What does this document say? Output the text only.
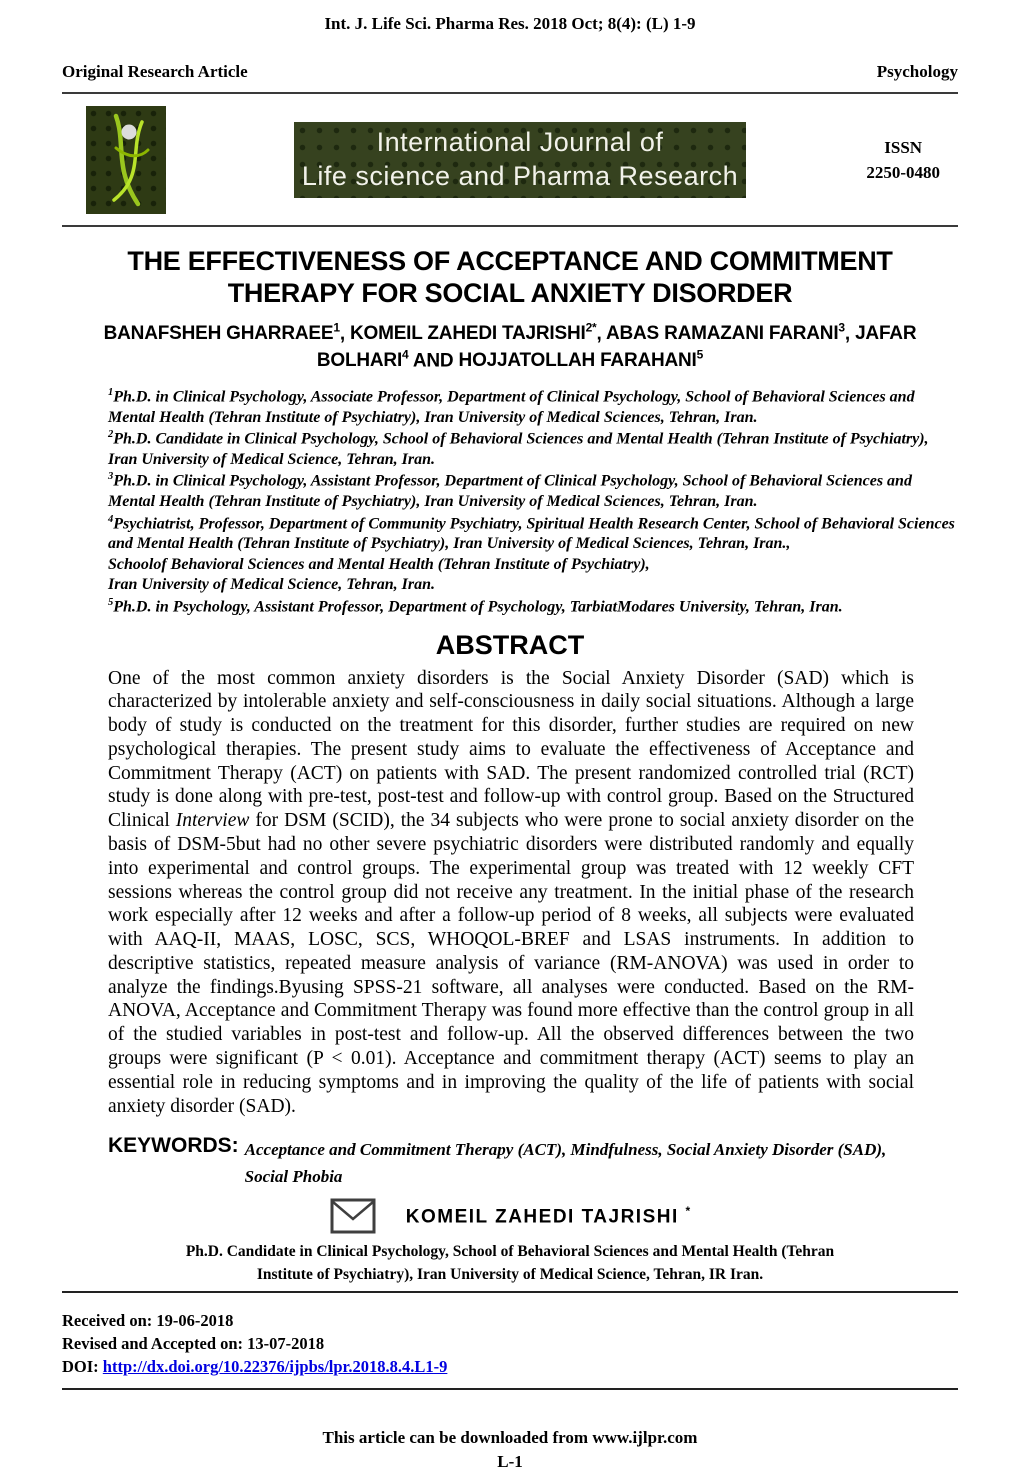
Int. J. Life Sci. Pharma Res. 2018 Oct; 8(4): (L) 1-9
Original Research Article	Psychology
International Journal of
Life science and Pharma Research
ISSN
2250-0480
THE EFFECTIVENESS OF ACCEPTANCE AND COMMITMENT
THERAPY FOR SOCIAL ANXIETY DISORDER
BANAFSHEH GHARRAEE$^1$, KOMEIL ZAHEDI $TAJRISHI^{2*}$, ABAS RAMAZANI FARANI$^3$, JAFAR BOLHARI$^4$ AND HOJJATOLLAH FARAHANI$^5$
$^1$Ph.D. in Clinical Psychology, Associate Professor, Department of Clinical Psychology, School of Behavioral Sciences and Mental Health (Tehran Institute of Psychiatry), Iran University of Medical Sciences, Tehran, Iran.
$^2$Ph.D. Candidate in Clinical Psychology, School of Behavioral Sciences and Mental Health (Tehran Institute of Psychiatry), Iran University of Medical Science, Tehran, Iran.
$^3$Ph.D. in Clinical Psychology, Assistant Professor, Department of Clinical Psychology, School of Behavioral Sciences and Mental Health (Tehran Institute of Psychiatry), Iran University of Medical Sciences, Tehran, Iran.
$^4$Psychiatrist, Professor, Department of Community Psychiatry, Spiritual Health Research Center, School of Behavioral Sciences and Mental Health (Tehran Institute of Psychiatry), Iran University of Medical Sciences, Tehran, Iran.,
Schoolof Behavioral Sciences and Mental Health (Tehran Institute of Psychiatry),
Iran University of Medical Science, Tehran, Iran.
$^5$Ph.D. in Psychology, Assistant Professor, Department of Psychology, TarbiatModares University, Tehran, Iran.
ABSTRACT

One of the most common anxiety disorders is the Social Anxiety Disorder (SAD) which is characterized by intolerable anxiety and self-consciousness in daily social situations. Although a large body of study is conducted on the treatment for this disorder, further studies are required on new psychological therapies. The present study aims to evaluate the effectiveness of Acceptance and Commitment Therapy (ACT) on patients with SAD. The present randomized controlled trial (RCT) study is done along with pre-test, post-test and follow-up with control group. Based on the Structured Clinical Interview for DSM (SCID), the 34 subjects who were prone to social anxiety disorder on the basis of DSM-5but had no other severe psychiatric disorders were distributed randomly and equally into experimental and control groups. The experimental group was treated with 12 weekly CFT sessions whereas the control group did not receive any treatment. In the initial phase of the research work especially after 12 weeks and after a follow-up period of 8 weeks, all subjects were evaluated with AAQ-II, MAAS, LOSC, SCS, WHOQOL-BREF and LSAS instruments. In addition to descriptive statistics, repeated measure analysis of variance (RM-ANOVA) was used in order to analyze the findings.Byusing SPSS-21 software, all analyses were conducted. Based on the RM-ANOVA, Acceptance and Commitment Therapy was found more effective than the control group in all of the studied variables in post-test and follow-up. All the observed differences between the two groups were significant (P < 0.01). Acceptance and commitment therapy (ACT) seems to play an essential role in reducing symptoms and in improving the quality of the life of patients with social anxiety disorder (SAD).

KEYWORDS: Acceptance and Commitment Therapy (ACT), Mindfulness, Social Anxiety Disorder (SAD),
Social Phobia
KOMEIL ZAHEDI TAJRISHI *
Ph.D. Candidate in Clinical Psychology, School of Behavioral Sciences and Mental Health (Tehran
Institute of Psychiatry), Iran University of Medical Science, Tehran, IR Iran.
Received on: 19-06-2018
Revised and Accepted on: 13-07-2018
DOI: http://dx.doi.org/10.22376/ijpbs/lpr.2018.8.4.L1-9
This article can be downloaded from www.ijlpr.com
L-1
